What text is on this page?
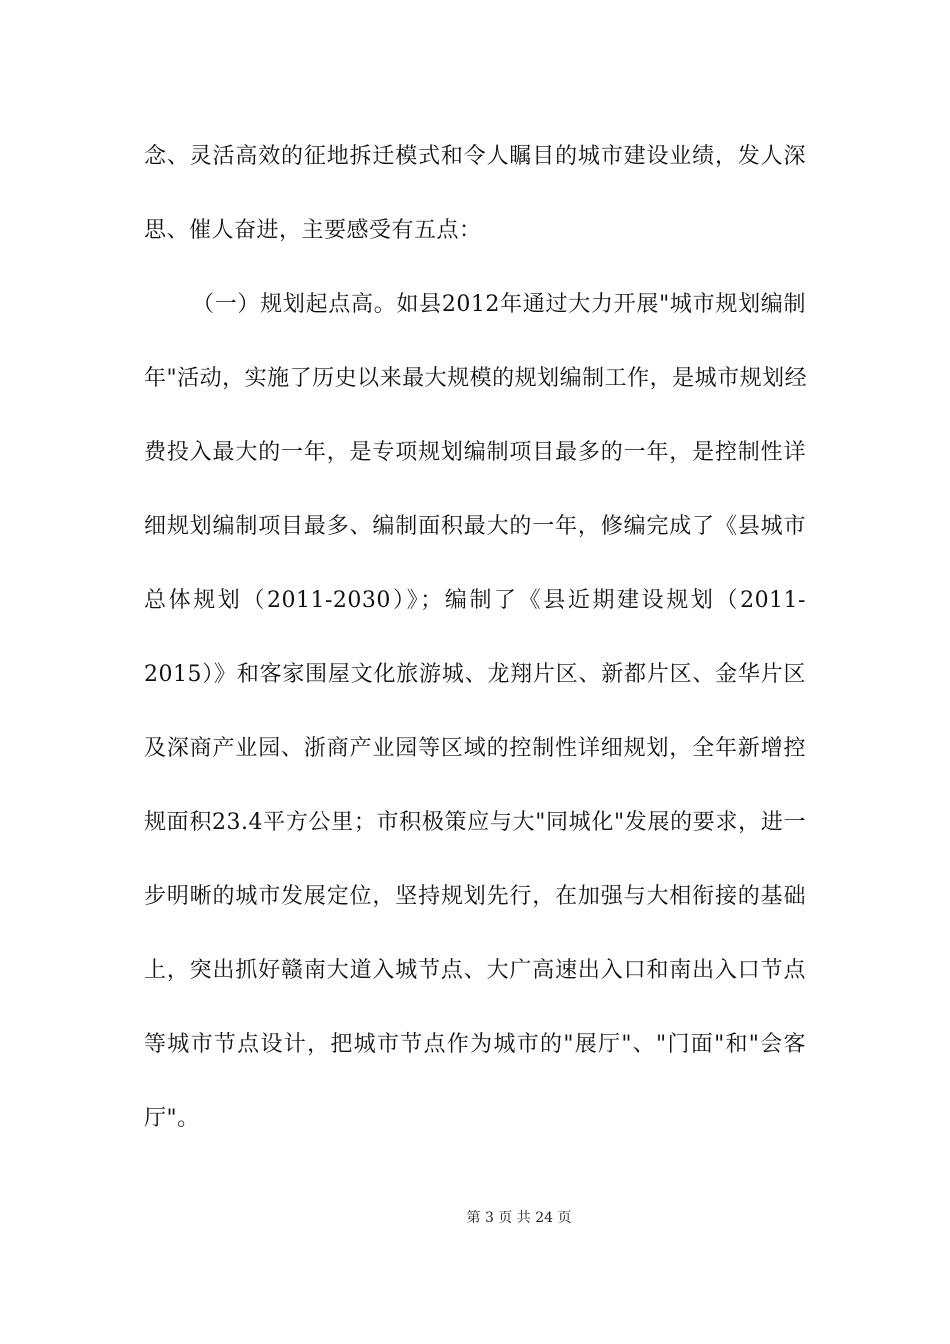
念、灵活高效的征地拆迁模式和令人瞩目的城市建设业绩，发人深
思、催人奋进，主要感受有五点：
（一）规划起点高。如县2012年通过大力开展"城市规划编制
年"活动，实施了历史以来最大规模的规划编制工作，是城市规划经
费投入最大的一年，是专项规划编制项目最多的一年，是控制性详
细规划编制项目最多、编制面积最大的一年，修编完成了《县城市
总体规划（2011-2030）》；编制了《县近期建设规划（2011-
2015）》和客家围屋文化旅游城、龙翔片区、新都片区、金华片区
及深商产业园、浙商产业园等区域的控制性详细规划，全年新增控
规面积23.4平方公里；市积极策应与大"同城化"发展的要求，进一
步明晰的城市发展定位，坚持规划先行，在加强与大相衔接的基础
上，突出抓好赣南大道入城节点、大广高速出入口和南出入口节点
等城市节点设计，把城市节点作为城市的"展厅"、"门面"和"会客
厅"。
第 3 页 共 24 页
